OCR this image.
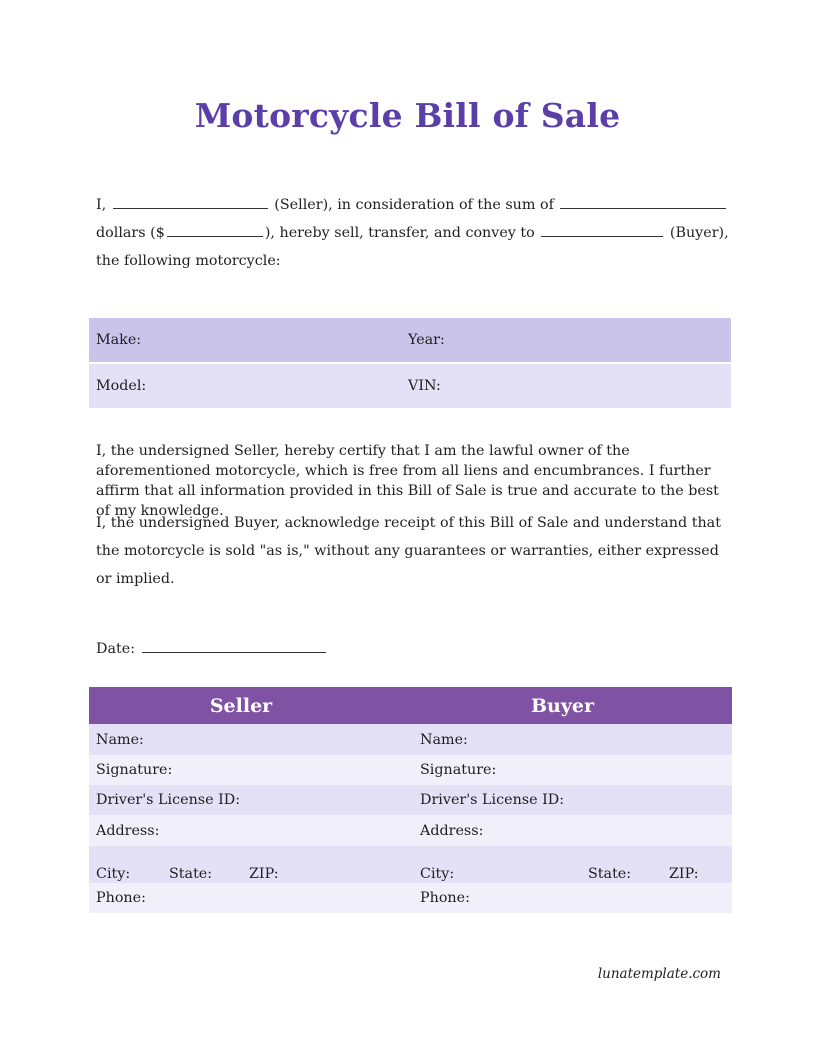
Motorcycle Bill of Sale
I,	(Seller), in consideration of the sum of
dollars ($	), hereby sell, transfer, and convey to	(Buyer),
the following motorcycle:
Make:	Year:
Model:	VIN:
I, the undersigned Seller, hereby certify that I am the lawful owner of the aforementioned motorcycle, which is free from all liens and encumbrances. I further affirm that all information provided in this Bill of Sale is true and accurate to the best of my knowledge.
I, the undersigned Buyer, acknowledge receipt of this Bill of Sale and understand that the motorcycle is sold "as is," without any guarantees or warranties, either expressed or implied.
Date:
Seller	Buyer
Name:	Name:
Signature:	Signature:
Driver's License ID:	Driver's License ID:
Address:	Address:
City:	State:	ZIP:	City:	State:	ZIP:
Phone:	Phone:
lunatemplate.com
